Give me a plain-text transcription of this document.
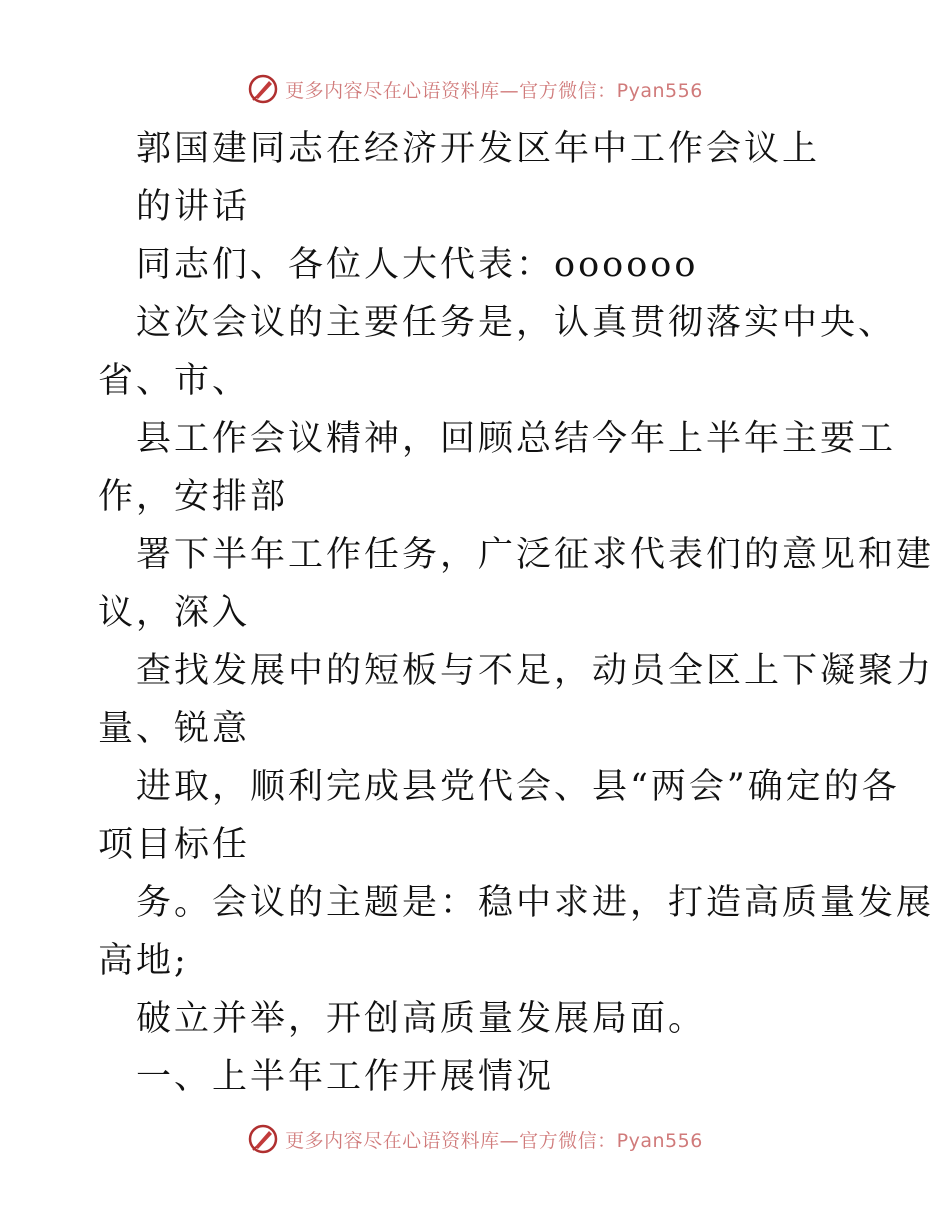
更多内容尽在心语资料库—官方微信：Pyan556
郭国建同志在经济开发区年中工作会议上
的讲话
同志们、各位人大代表：oooooo
这次会议的主要任务是，认真贯彻落实中央、
省、市、
县工作会议精神，回顾总结今年上半年主要工
作，安排部
署下半年工作任务，广泛征求代表们的意见和建
议，深入
查找发展中的短板与不足，动员全区上下凝聚力
量、锐意
进取，顺利完成县党代会、县“两会”确定的各
项目标任
务。会议的主题是：稳中求进，打造高质量发展
高地;
破立并举，开创高质量发展局面。
一、上半年工作开展情况
更多内容尽在心语资料库—官方微信：Pyan556
